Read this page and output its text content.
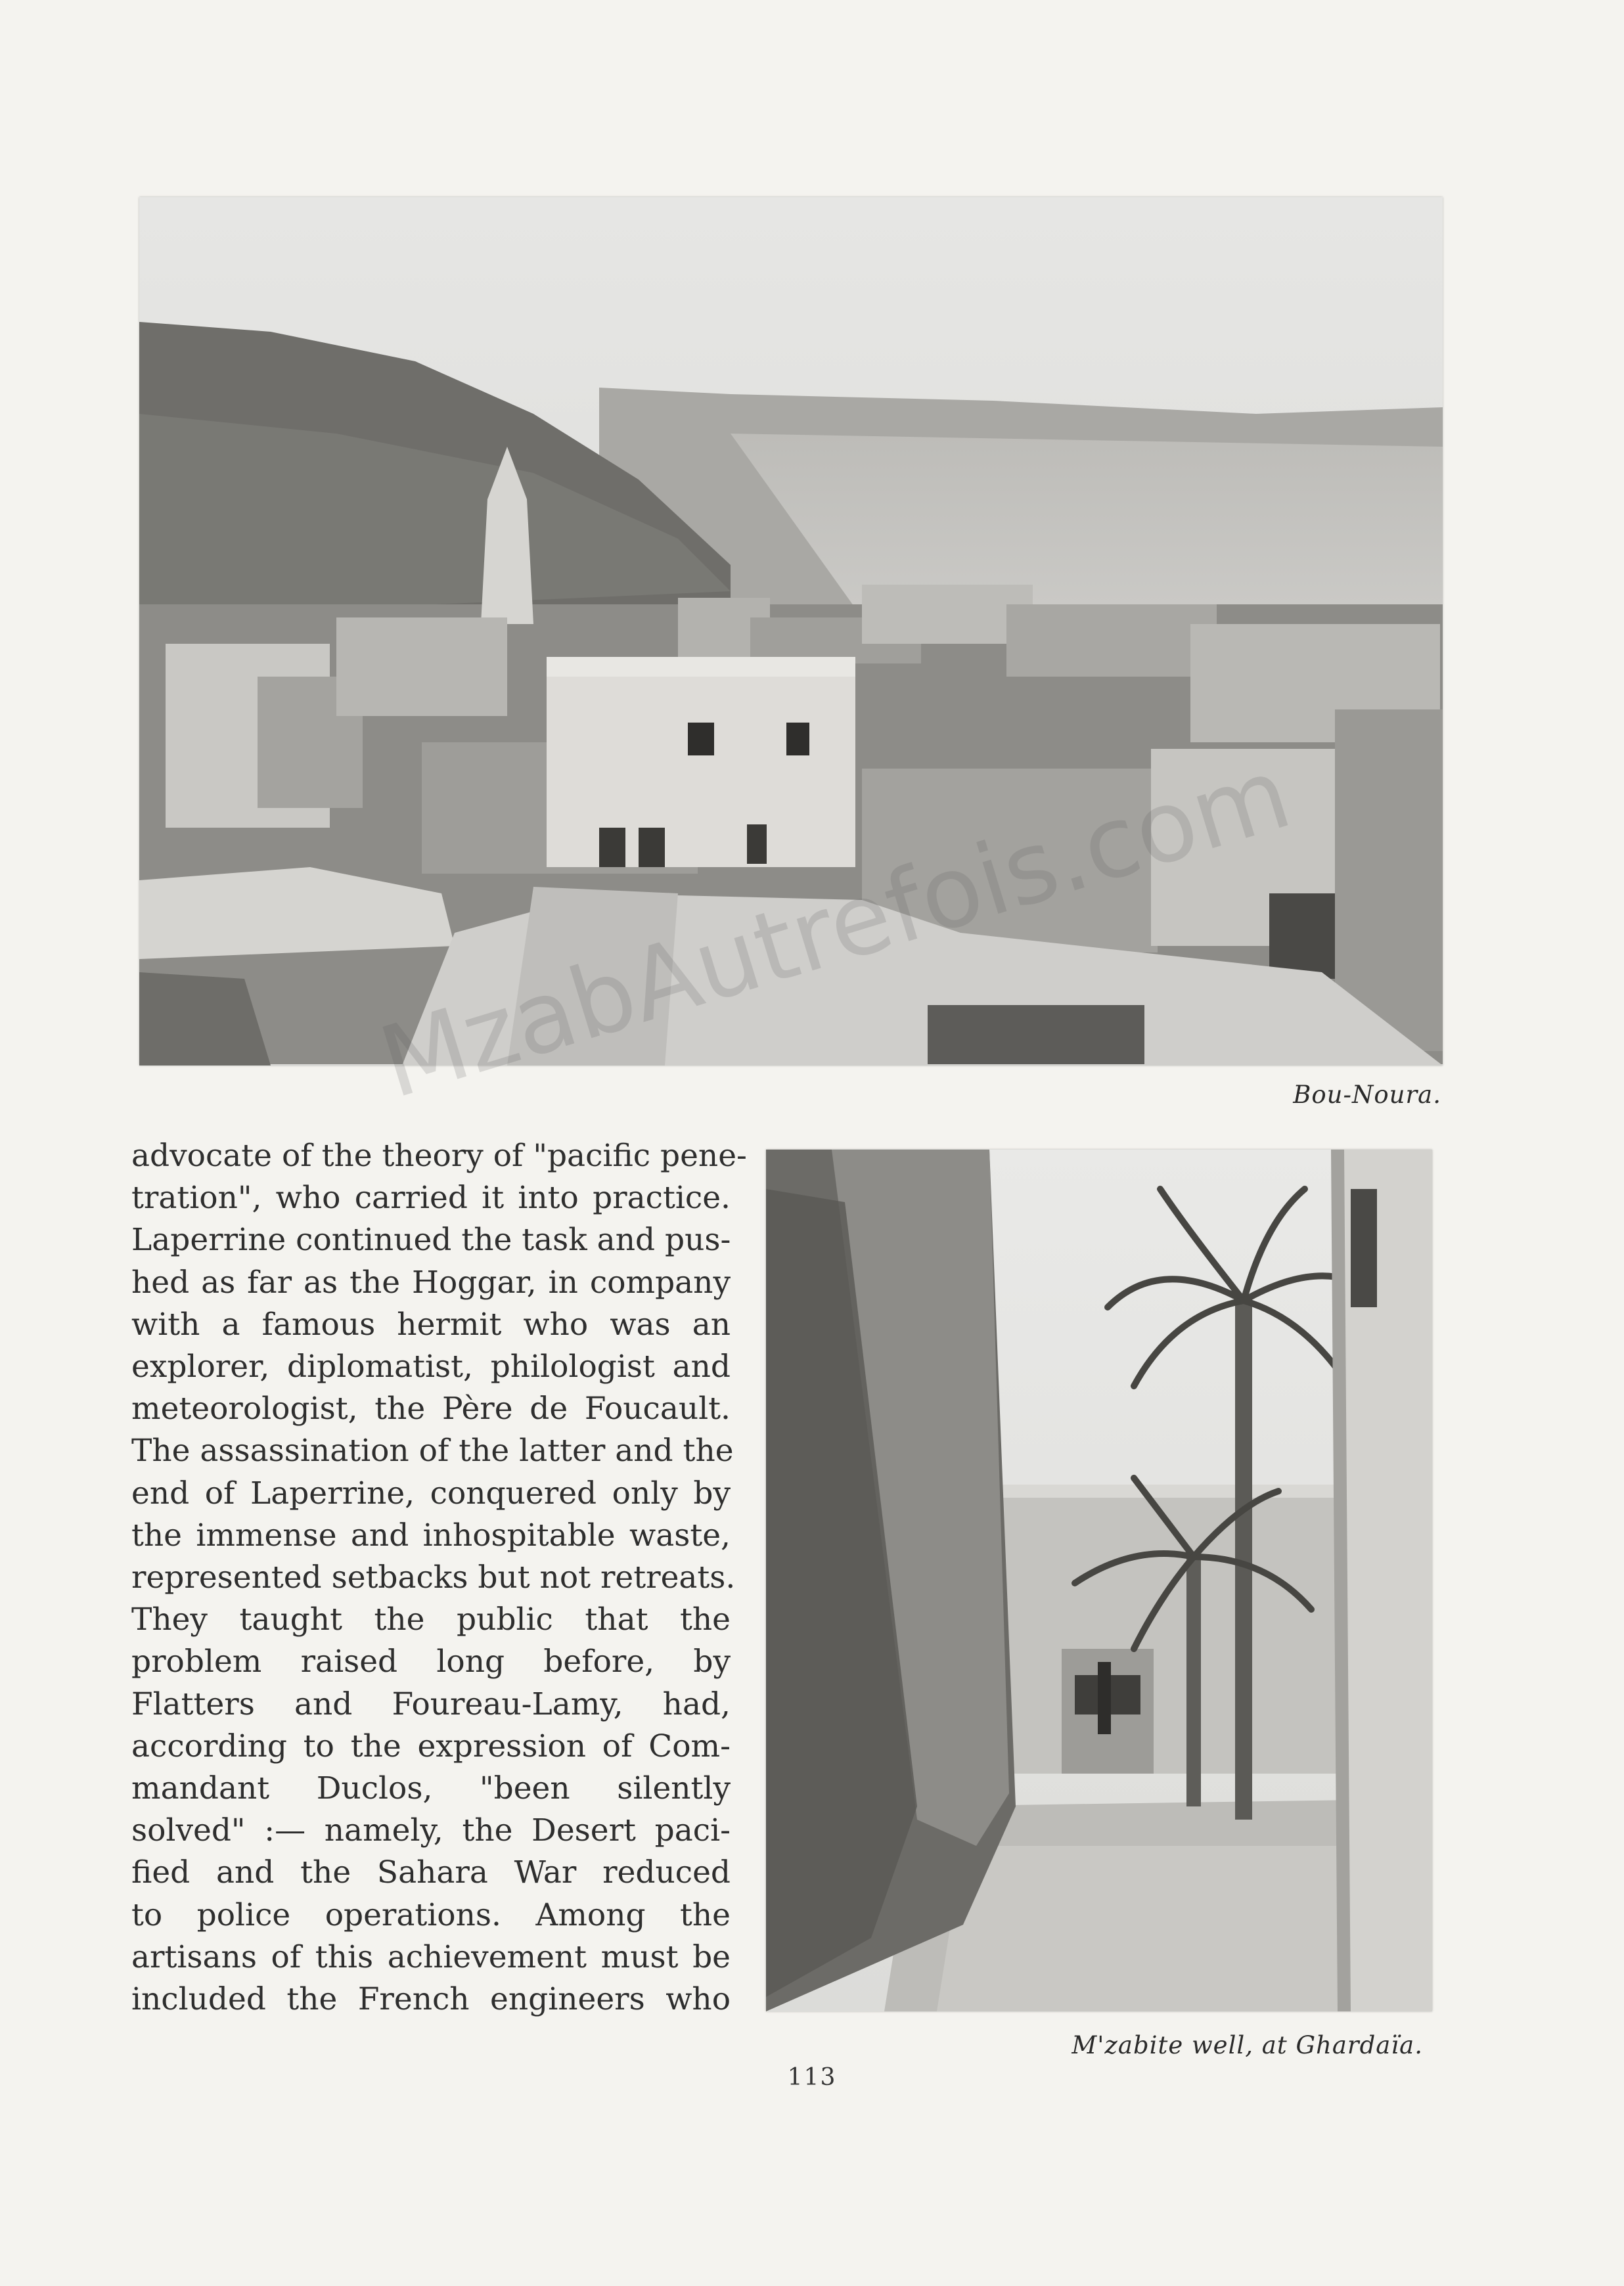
Bou-Noura.
advocate of the theory of "pacific pene-
tration", who carried it into practice.
Laperrine continued the task and pus-
hed as far as the Hoggar, in company
with a famous hermit who was an
explorer, diplomatist, philologist and
meteorologist, the Père de Foucault.
The assassination of the latter and the
end of Laperrine, conquered only by
the immense and inhospitable waste,
represented setbacks but not retreats.
They taught the public that the
problem raised long before, by
Flatters and Foureau-Lamy, had,
according to the expression of Com-
mandant Duclos, "been silently
solved" :— namely, the Desert paci-
fied and the Sahara War reduced
to police operations. Among the
artisans of this achievement must be
included the French engineers who
M'zabite well, at Ghardaïa.
113
